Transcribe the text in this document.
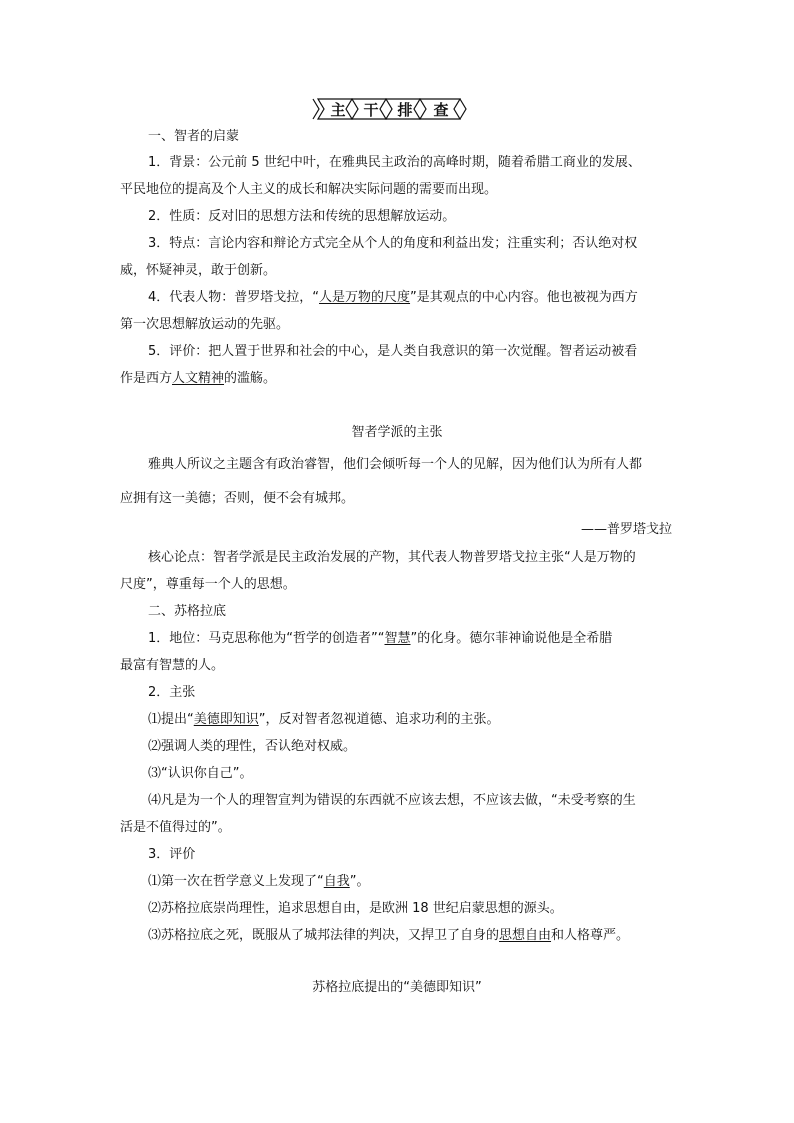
主 干 排 查
一、智者的启蒙
1．背景：公元前 5 世纪中叶，在雅典民主政治的高峰时期，随着希腊工商业的发展、
平民地位的提高及个人主义的成长和解决实际问题的需要而出现。
2．性质：反对旧的思想方法和传统的思想解放运动。
3．特点：言论内容和辩论方式完全从个人的角度和利益出发；注重实利；否认绝对权
威，怀疑神灵，敢于创新。
4．代表人物：普罗塔戈拉，“人是万物的尺度”是其观点的中心内容。他也被视为西方
第一次思想解放运动的先驱。
5．评价：把人置于世界和社会的中心，是人类自我意识的第一次觉醒。智者运动被看
作是西方人文精神的滥觞。
智者学派的主张
雅典人所议之主题含有政治睿智，他们会倾听每一个人的见解，因为他们认为所有人都
应拥有这一美德；否则，便不会有城邦。
——普罗塔戈拉
核心论点：智者学派是民主政治发展的产物，其代表人物普罗塔戈拉主张“人是万物的
尺度”，尊重每一个人的思想。
二、苏格拉底
1．地位：马克思称他为“哲学的创造者”“智慧”的化身。德尔菲神谕说他是全希腊
最富有智慧的人。
2．主张
⑴提出“美德即知识”，反对智者忽视道德、追求功利的主张。
⑵强调人类的理性，否认绝对权威。
⑶“认识你自己”。
⑷凡是为一个人的理智宣判为错误的东西就不应该去想，不应该去做，“未受考察的生
活是不值得过的”。
3．评价
⑴第一次在哲学意义上发现了“自我”。
⑵苏格拉底崇尚理性，追求思想自由，是欧洲 18 世纪启蒙思想的源头。
⑶苏格拉底之死，既服从了城邦法律的判决，又捍卫了自身的思想自由和人格尊严。
苏格拉底提出的“美德即知识”
